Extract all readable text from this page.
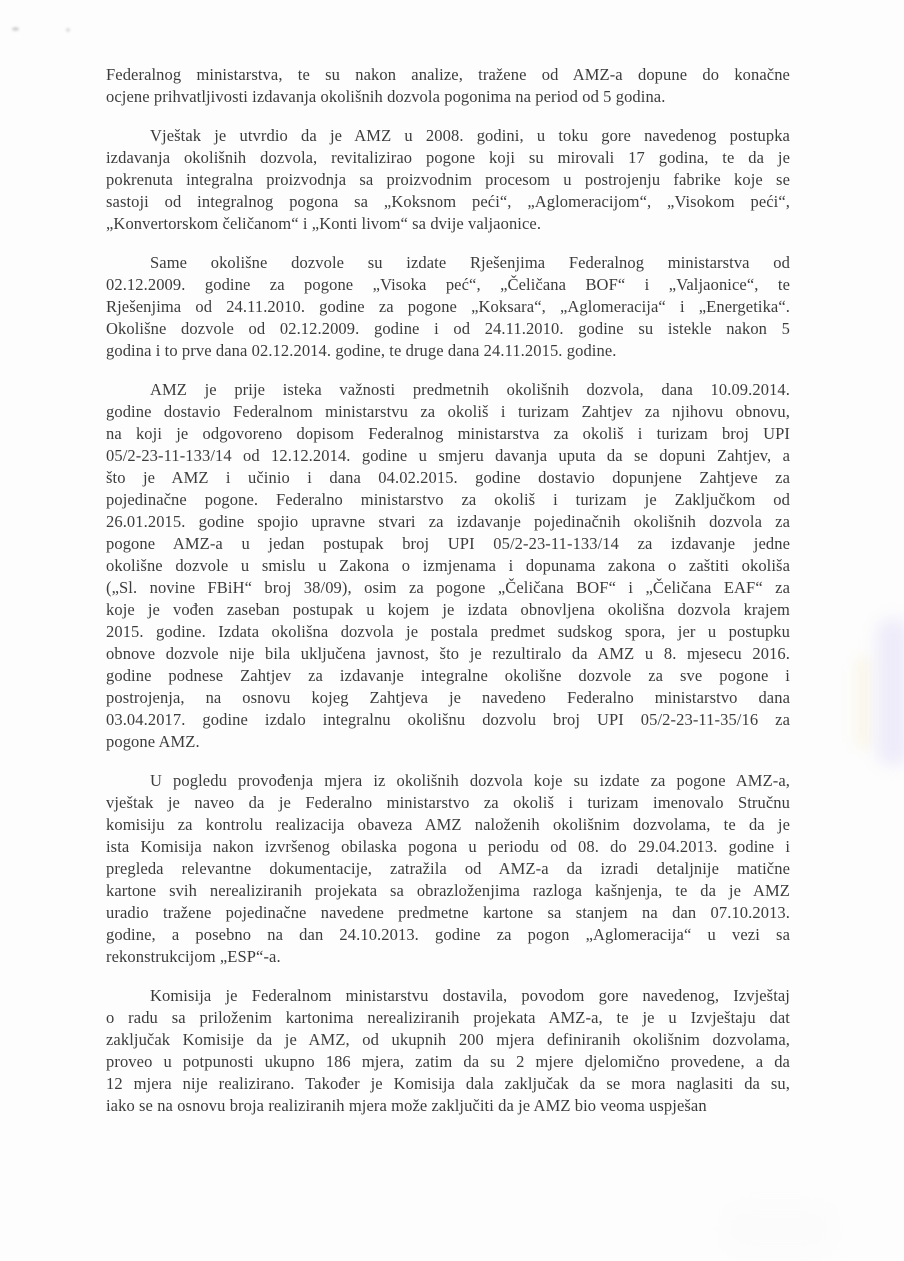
Federalnog ministarstva, te su nakon analize, tražene od AMZ-a dopune do konačne
ocjene prihvatljivosti izdavanja okolišnih dozvola pogonima na period od 5 godina.
Vještak je utvrdio da je AMZ u 2008. godini, u toku gore navedenog postupka
izdavanja okolišnih dozvola, revitalizirao pogone koji su mirovali 17 godina, te da je
pokrenuta integralna proizvodnja sa proizvodnim procesom u postrojenju fabrike koje se
sastoji od integralnog pogona sa „Koksnom peći“, „Aglomeracijom“, „Visokom peći“,
„Konvertorskom čeličanom“ i „Konti livom“ sa dvije valjaonice.
Same okolišne dozvole su izdate Rješenjima Federalnog ministarstva od
02.12.2009. godine za pogone „Visoka peć“, „Čeličana BOF“ i „Valjaonice“, te
Rješenjima od 24.11.2010. godine za pogone „Koksara“, „Aglomeracija“ i „Energetika“.
Okolišne dozvole od 02.12.2009. godine i od 24.11.2010. godine su istekle nakon 5
godina i to prve dana 02.12.2014. godine, te druge dana 24.11.2015. godine.
AMZ je prije isteka važnosti predmetnih okolišnih dozvola, dana 10.09.2014.
godine dostavio Federalnom ministarstvu za okoliš i turizam Zahtjev za njihovu obnovu,
na koji je odgovoreno dopisom Federalnog ministarstva za okoliš i turizam broj UPI
05/2-23-11-133/14 od 12.12.2014. godine u smjeru davanja uputa da se dopuni Zahtjev, a
što je AMZ i učinio i dana 04.02.2015. godine dostavio dopunjene Zahtjeve za
pojedinačne pogone. Federalno ministarstvo za okoliš i turizam je Zaključkom od
26.01.2015. godine spojio upravne stvari za izdavanje pojedinačnih okolišnih dozvola za
pogone AMZ-a u jedan postupak broj UPI 05/2-23-11-133/14 za izdavanje jedne
okolišne dozvole u smislu u Zakona o izmjenama i dopunama zakona o zaštiti okoliša
(„Sl. novine FBiH“ broj 38/09), osim za pogone „Čeličana BOF“ i „Čeličana EAF“ za
koje je vođen zaseban postupak u kojem je izdata obnovljena okolišna dozvola krajem
2015. godine. Izdata okolišna dozvola je postala predmet sudskog spora, jer u postupku
obnove dozvole nije bila uključena javnost, što je rezultiralo da AMZ u 8. mjesecu 2016.
godine podnese Zahtjev za izdavanje integralne okolišne dozvole za sve pogone i
postrojenja, na osnovu kojeg Zahtjeva je navedeno Federalno ministarstvo dana
03.04.2017. godine izdalo integralnu okolišnu dozvolu broj UPI 05/2-23-11-35/16 za
pogone AMZ.
U pogledu provođenja mjera iz okolišnih dozvola koje su izdate za pogone AMZ-a,
vještak je naveo da je Federalno ministarstvo za okoliš i turizam imenovalo Stručnu
komisiju za kontrolu realizacija obaveza AMZ naloženih okolišnim dozvolama, te da je
ista Komisija nakon izvršenog obilaska pogona u periodu od 08. do 29.04.2013. godine i
pregleda relevantne dokumentacije, zatražila od AMZ-a da izradi detaljnije matične
kartone svih nerealiziranih projekata sa obrazloženjima razloga kašnjenja, te da je AMZ
uradio tražene pojedinačne navedene predmetne kartone sa stanjem na dan 07.10.2013.
godine, a posebno na dan 24.10.2013. godine za pogon „Aglomeracija“ u vezi sa
rekonstrukcijom „ESP“-a.
Komisija je Federalnom ministarstvu dostavila, povodom gore navedenog, Izvještaj
o radu sa priloženim kartonima nerealiziranih projekata AMZ-a, te je u Izvještaju dat
zaključak Komisije da je AMZ, od ukupnih 200 mjera definiranih okolišnim dozvolama,
proveo u potpunosti ukupno 186 mjera, zatim da su 2 mjere djelomično provedene, a da
12 mjera nije realizirano. Također je Komisija dala zaključak da se mora naglasiti da su,
iako se na osnovu broja realiziranih mjera može zaključiti da je AMZ bio veoma uspješan
